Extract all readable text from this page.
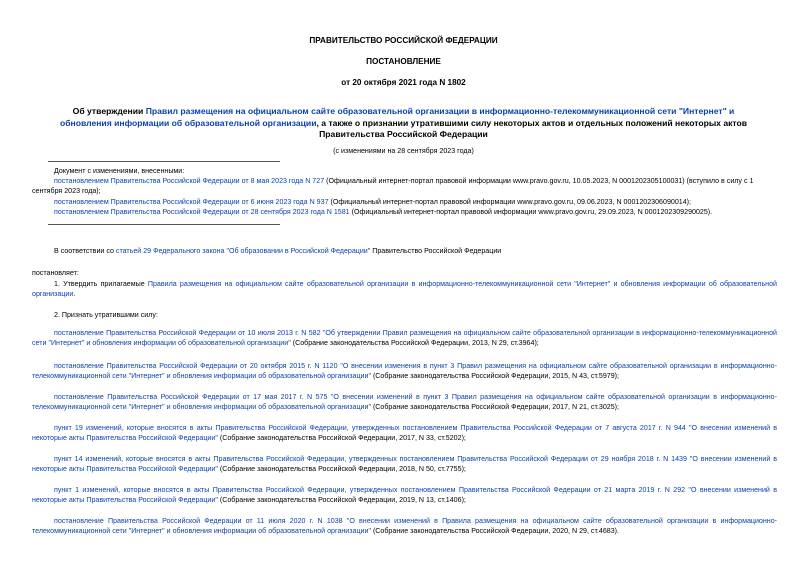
ПРАВИТЕЛЬСТВО РОССИЙСКОЙ ФЕДЕРАЦИИ
ПОСТАНОВЛЕНИЕ
от 20 октября 2021 года N 1802
Об утверждении Правил размещения на официальном сайте образовательной организации в информационно-телекоммуникационной сети "Интернет" и обновления информации об образовательной организации, а также о признании утратившими силу некоторых актов и отдельных положений некоторых актов Правительства Российской Федерации
(с изменениями на 28 сентября 2023 года)
Документ с изменениями, внесенными:
постановлением Правительства Российской Федерации от 8 мая 2023 года N 727 (Официальный интернет-портал правовой информации www.pravo.gov.ru, 10.05.2023, N 0001202305100031) (вступило в силу с 1 сентября 2023 года);
постановлением Правительства Российской Федерации от 6 июня 2023 года N 937 (Официальный интернет-портал правовой информации www.pravo.gov.ru, 09.06.2023, N 0001202306090014);
постановлением Правительства Российской Федерации от 28 сентября 2023 года N 1581 (Официальный интернет-портал правовой информации www.pravo.gov.ru, 29.09.2023, N 0001202309290025).
В соответствии со статьей 29 Федерального закона "Об образовании в Российской Федерации" Правительство Российской Федерации
постановляет:
1. Утвердить прилагаемые Правила размещения на официальном сайте образовательной организации в информационно-телекоммуникационной сети "Интернет" и обновления информации об образовательной организации.
2. Признать утратившими силу:
постановление Правительства Российской Федерации от 10 июля 2013 г. N 582 "Об утверждении Правил размещения на официальном сайте образовательной организации в информационно-телекоммуникационной сети "Интернет" и обновления информации об образовательной организации" (Собрание законодательства Российской Федерации, 2013, N 29, ст.3964);
постановление Правительства Российской Федерации от 20 октября 2015 г. N 1120 "О внесении изменения в пункт 3 Правил размещения на официальном сайте образовательной организации в информационно-телекоммуникационной сети "Интернет" и обновления информации об образовательной организации" (Собрание законодательства Российской Федерации, 2015, N 43, ст.5979);
постановление Правительства Российской Федерации от 17 мая 2017 г. N 575 "О внесении изменений в пункт 3 Правил размещения на официальном сайте образовательной организации в информационно-телекоммуникационной сети "Интернет" и обновления информации об образовательной организации" (Собрание законодательства Российской Федерации, 2017, N 21, ст.3025);
пункт 19 изменений, которые вносятся в акты Правительства Российской Федерации, утвержденных постановлением Правительства Российской Федерации от 7 августа 2017 г. N 944 "О внесении изменений в некоторые акты Правительства Российской Федерации" (Собрание законодательства Российской Федерации, 2017, N 33, ст.5202);
пункт 14 изменений, которые вносятся в акты Правительства Российской Федерации, утвержденных постановлением Правительства Российской Федерации от 29 ноября 2018 г. N 1439 "О внесении изменений в некоторые акты Правительства Российской Федерации" (Собрание законодательства Российской Федерации, 2018, N 50, ст.7755);
пункт 1 изменений, которые вносятся в акты Правительства Российской Федерации, утвержденных постановлением Правительства Российской Федерации от 21 марта 2019 г. N 292 "О внесении изменений в некоторые акты Правительства Российской Федерации" (Собрание законодательства Российской Федерации, 2019, N 13, ст.1406);
постановление Правительства Российской Федерации от 11 июля 2020 г. N 1038 "О внесении изменений в Правила размещения на официальном сайте образовательной организации в информационно-телекоммуникационной сети "Интернет" и обновления информации об образовательной организации" (Собрание законодательства Российской Федерации, 2020, N 29, ст.4683).
